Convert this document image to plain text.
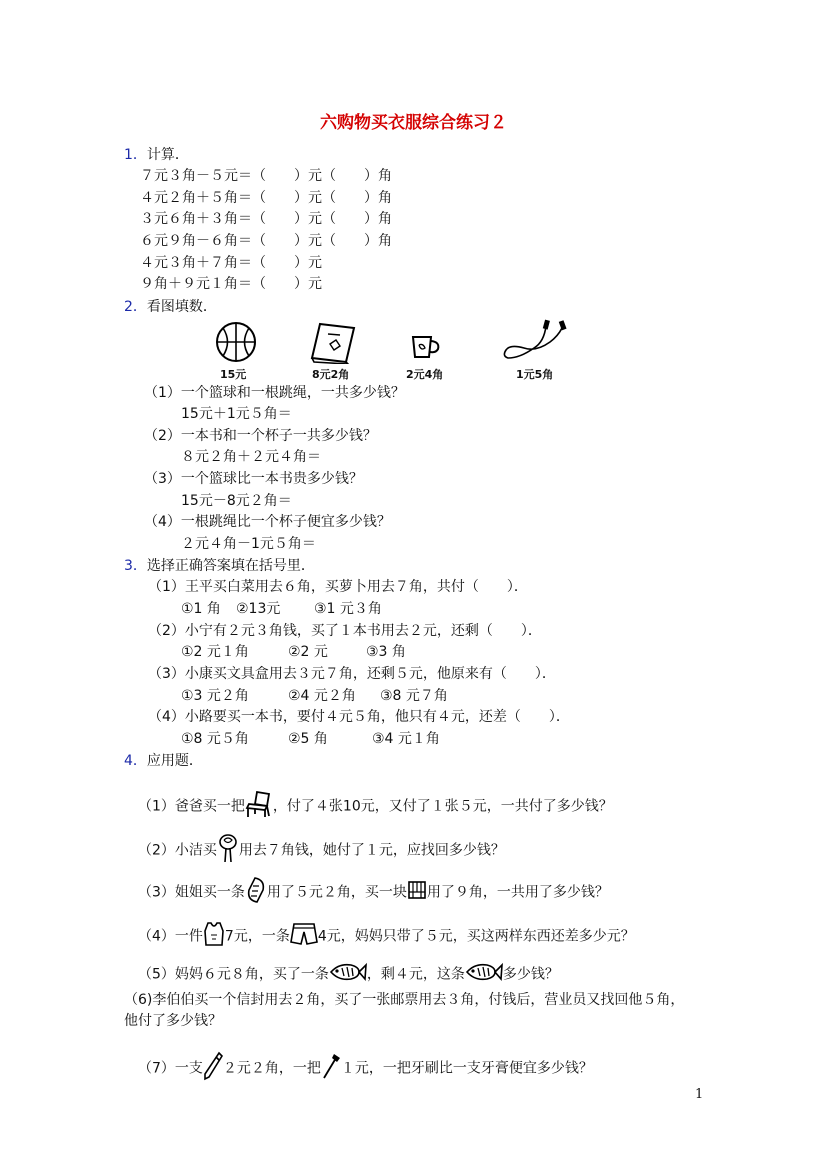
六购物买衣服综合练习２
1．计算．
７元３角－５元＝（　　）元（　　）角
４元２角＋５角＝（　　）元（　　）角
３元６角＋３角＝（　　）元（　　）角
６元９角－６角＝（　　）元（　　）角
４元３角＋７角＝（　　）元
９角＋９元１角＝（　　）元
2．看图填数．
15元	8元2角	2元4角	1元5角
（1）一个篮球和一根跳绳，一共多少钱？
15元＋1元５角＝
（2）一本书和一个杯子一共多少钱？
８元２角＋２元４角＝
（3）一个篮球比一本书贵多少钱？
15元－8元２角＝
（4）一根跳绳比一个杯子便宜多少钱？
２元４角－1元５角＝
3．选择正确答案填在括号里．
（1）王平买白菜用去６角，买萝卜用去７角，共付（　　）．
①1 角 ②13元 ③1 元３角
（2）小宁有２元３角钱，买了１本书用去２元，还剩（　　）．
①2 元１角	②2 元	③3 角
（3）小康买文具盒用去３元７角，还剩５元，他原来有（　　）．
①3 元２角	②4 元２角 ③8 元７角
（4）小路要买一本书，要付４元５角，他只有４元，还差（　　）．
①8 元５角	②5 角	③4 元１角
4．应用题．
（1）爸爸买一把 ，付了４张10元，又付了１张５元，一共付了多少钱？
（2）小洁买 用去７角钱，她付了１元，应找回多少钱？
（3）姐姐买一条 用了５元２角，买一块 用了９角，一共用了多少钱？
（4）一件 7元，一条 4元，妈妈只带了５元，买这两样东西还差多少元？
（5）妈妈６元８角，买了一条	，剩４元，这条	多少钱？
（6)李伯伯买一个信封用去２角，买了一张邮票用去３角，付钱后，营业员又找回他５角，
他付了多少钱？
（7）一支 ２元２角，一把 １元，一把牙刷比一支牙膏便宜多少钱？
1
